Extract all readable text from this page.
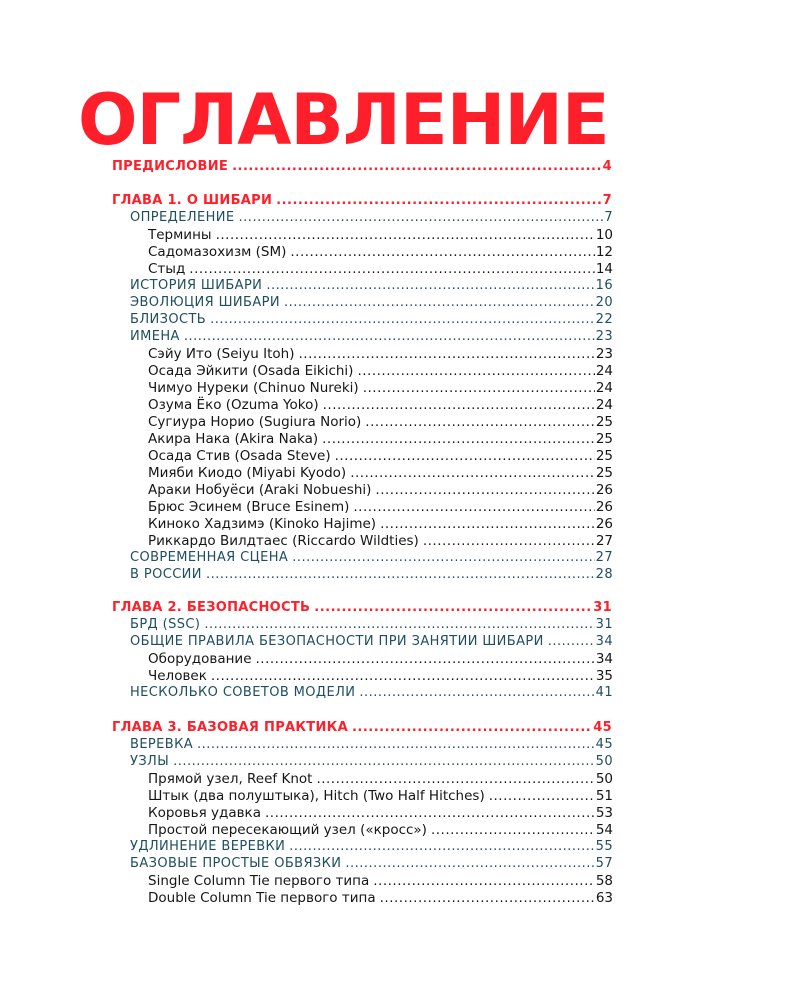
ОГЛАВЛЕНИЕ
ПРЕДИСЛОВИЕ .....	4
ГЛАВА 1. О ШИБАРИ .....	7
ОПРЕДЕЛЕНИЕ .....	7
Термины .....	10
Садомазохизм (SM) .....	12
Стыд .....	14
ИСТОРИЯ ШИБАРИ .....	16
ЭВОЛЮЦИЯ ШИБАРИ .....	20
БЛИЗОСТЬ .....	22
ИМЕНА .....	23
Сэйу Ито (Seiyu Itoh) .....	23
Осада Эйкити (Osada Eikichi) .....	24
Чимуо Нуреки (Chinuo Nureki) .....	24
Озума Ёко (Ozuma Yoko) .....	24
Сугиура Норио (Sugiura Norio) .....	25
Акира Нака (Akira Naka) .....	25
Осада Стив (Osada Steve) .....	25
Мияби Киодо (Miyabi Kyodo) .....	25
Араки Нобуёси (Araki Nobueshi) .....	26
Брюс Эсинем (Bruce Esinem) .....	26
Киноко Хадзимэ (Kinoko Hajime) .....	26
Риккардо Вилдтаес (Riccardo Wildties) .....	27
СОВРЕМЕННАЯ СЦЕНА .....	27
В РОССИИ .....	28
ГЛАВА 2. БЕЗОПАСНОСТЬ .....	31
БРД (SSC) .....	31
ОБЩИЕ ПРАВИЛА БЕЗОПАСНОСТИ ПРИ ЗАНЯТИИ ШИБАРИ .....	34
Оборудование .....	34
Человек .....	35
НЕСКОЛЬКО СОВЕТОВ МОДЕЛИ .....	41
ГЛАВА 3. БАЗОВАЯ ПРАКТИКА .....	45
ВЕРЕВКА .....	45
УЗЛЫ .....	50
Прямой узел, Reef Knot .....	50
Штык (два полуштыка), Hitch (Two Half Hitches) .....	51
Коровья удавка .....	53
Простой пересекающий узел («кросс») .....	54
УДЛИНЕНИЕ ВЕРЕВКИ .....	55
БАЗОВЫЕ ПРОСТЫЕ ОБВЯЗКИ .....	57
Single Column Tie первого типа .....	58
Double Column Tie первого типа .....	63
